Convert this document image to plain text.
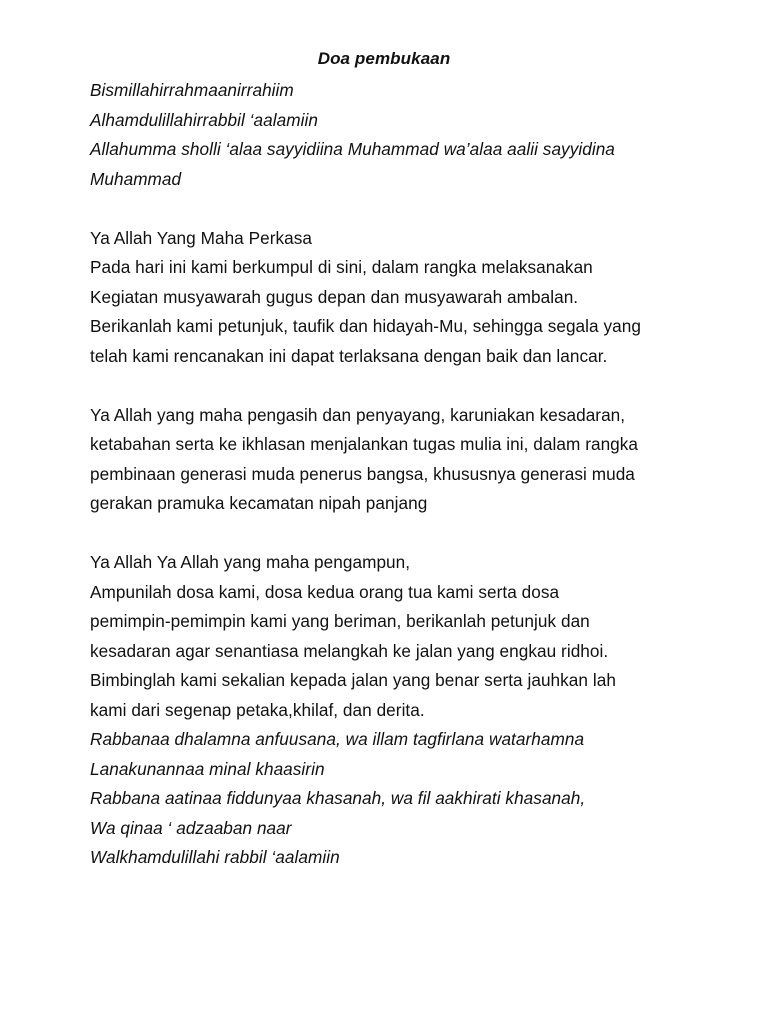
Doa pembukaan
Bismillahirrahmaanirrahiim
Alhamdulillahirrabbil ‘aalamiin
Allahumma sholli ‘alaa sayyidiina Muhammad wa’alaa aalii sayyidina
Muhammad
Ya Allah Yang Maha Perkasa
Pada hari ini kami berkumpul di sini, dalam rangka melaksanakan
Kegiatan musyawarah gugus depan dan musyawarah ambalan.
Berikanlah kami petunjuk, taufik dan hidayah-Mu, sehingga segala yang
telah kami rencanakan ini dapat terlaksana dengan baik dan lancar.
Ya Allah yang maha pengasih dan penyayang, karuniakan kesadaran,
ketabahan serta ke ikhlasan menjalankan tugas mulia ini, dalam rangka
pembinaan generasi muda penerus bangsa, khususnya generasi muda
gerakan pramuka kecamatan nipah panjang
Ya Allah Ya Allah yang maha pengampun,
Ampunilah dosa kami, dosa kedua orang tua kami serta dosa
pemimpin-pemimpin kami yang beriman, berikanlah petunjuk dan
kesadaran agar senantiasa melangkah ke jalan yang engkau ridhoi.
Bimbinglah kami sekalian kepada jalan yang benar serta jauhkan lah
kami dari segenap petaka,khilaf, dan derita.
Rabbanaa dhalamna anfuusana, wa illam tagfirlana watarhamna
Lanakunannaa minal khaasirin
Rabbana aatinaa fiddunyaa khasanah, wa fil aakhirati khasanah,
Wa qinaa ‘ adzaaban naar
Walkhamdulillahi rabbil ‘aalamiin
